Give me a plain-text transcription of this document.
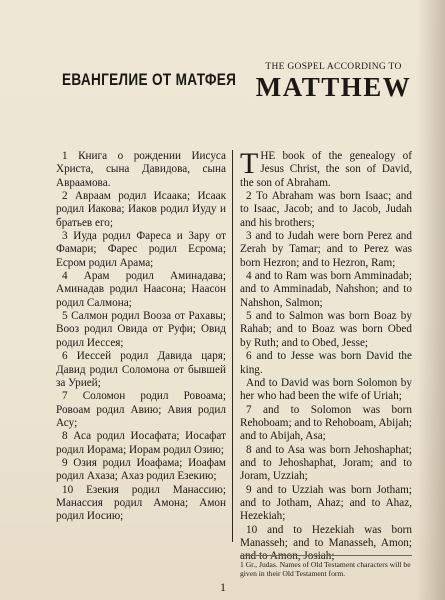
ЕВАНГЕЛИЕ ОТ МАТФЕЯ
THE GOSPEL ACCORDING TO
MATTHEW

1 Книга о рождении Иисуса Христа, сына Давидова, сына Авраамова.

2 Авраам родил Исаака; Исаак родил Иакова; Иаков родил Иуду и братьев его;

3 Иуда родил Фареса и Зару от Фамари; Фарес родил Есрома; Есром родил Арама;

4 Арам родил Аминадава; Аминадав родил Наасона; Наасон родил Салмона;

5 Салмон родил Вооза от Рахавы; Вооз родил Овида от Руфи; Овид родил Иессея;

6 Иессей родил Давида царя; Давид родил Соломона от бывшей за Урией;

7 Соломон родил Ровоама; Ровоам родил Авию; Авия родил Асу;

8 Аса родил Иосафата; Иосафат родил Иорама; Иорам родил Озию;

9 Озия родил Иоафама; Иоафам родил Ахаза; Ахаз родил Езекию;

10 Езекия родил Манассию; Манассия родил Амона; Амон родил Иосию;

THE book of the genealogy of Jesus Christ, the son of David, the son of Abraham.

2 To Abraham was born Isaac; and to Isaac, Jacob; and to Jacob, Judah and his brothers;

3 and to Judah were born Perez and Zerah by Tamar; and to Perez was born Hezron; and to Hezron, Ram;

4 and to Ram was born Amminadab; and to Amminadab, Nahshon; and to Nahshon, Salmon;

5 and to Salmon was born Boaz by Rahab; and to Boaz was born Obed by Ruth; and to Obed, Jesse;

6 and to Jesse was born David the king.

And to David was born Solomon by her who had been the wife of Uriah;

7 and to Solomon was born Rehoboam; and to Rehoboam, Abijah; and to Abijah, Asa;

8 and to Asa was born Jehoshaphat; and to Jehoshaphat, Joram; and to Joram, Uzziah;

9 and to Uzziah was born Jotham; and to Jotham, Ahaz; and to Ahaz, Hezekiah;

10 and to Hezekiah was born Manasseh; and to Manasseh, Amon; and to Amon, Josiah;

1 Gr., Judas. Names of Old Testament characters will be given in their Old Testament form.
1
